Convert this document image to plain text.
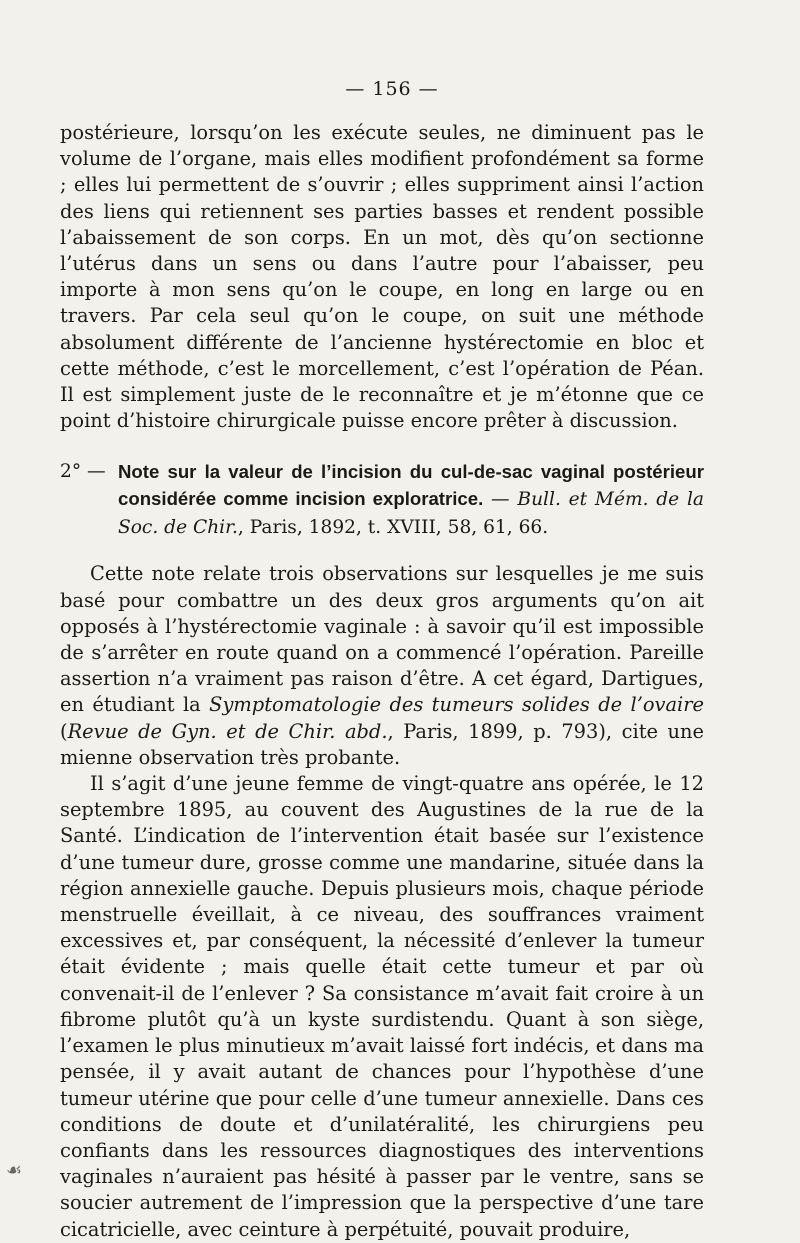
— 156 —

postérieure, lorsqu’on les exécute seules, ne diminuent pas le volume de l’organe, mais elles modifient profondément sa forme ; elles lui permettent de s’ouvrir ; elles suppriment ainsi l’action des liens qui retiennent ses parties basses et rendent possible l’abaissement de son corps. En un mot, dès qu’on sectionne l’utérus dans un sens ou dans l’autre pour l’abaisser, peu importe à mon sens qu’on le coupe, en long en large ou en travers. Par cela seul qu’on le coupe, on suit une méthode absolument différente de l’ancienne hystérectomie en bloc et cette méthode, c’est le morcellement, c’est l’opération de Péan. Il est simplement juste de le reconnaître et je m’étonne que ce point d’histoire chirurgicale puisse encore prêter à discussion.

2° — Note sur la valeur de l’incision du cul-de-sac vaginal postérieur considérée comme incision exploratrice. — Bull. et Mém. de la Soc. de Chir., Paris, 1892, t. XVIII, 58, 61, 66.

Cette note relate trois observations sur lesquelles je me suis basé pour combattre un des deux gros arguments qu’on ait opposés à l’hystérectomie vaginale : à savoir qu’il est impossible de s’arrêter en route quand on a commencé l’opération. Pareille assertion n’a vraiment pas raison d’être. A cet égard, Dartigues, en étudiant la Symptomatologie des tumeurs solides de l’ovaire (Revue de Gyn. et de Chir. abd., Paris, 1899, p. 793), cite une mienne observation très probante.

Il s’agit d’une jeune femme de vingt-quatre ans opérée, le 12 septembre 1895, au couvent des Augustines de la rue de la Santé. L’indication de l’intervention était basée sur l’existence d’une tumeur dure, grosse comme une mandarine, située dans la région annexielle gauche. Depuis plusieurs mois, chaque période menstruelle éveillait, à ce niveau, des souffrances vraiment excessives et, par conséquent, la nécessité d’enlever la tumeur était évidente ; mais quelle était cette tumeur et par où convenait-il de l’enlever ? Sa consistance m’avait fait croire à un fibrome plutôt qu’à un kyste surdistendu. Quant à son siège, l’examen le plus minutieux m’avait laissé fort indécis, et dans ma pensée, il y avait autant de chances pour l’hypothèse d’une tumeur utérine que pour celle d’une tumeur annexielle. Dans ces conditions de doute et d’unilatéralité, les chirurgiens peu confiants dans les ressources diagnostiques des interventions vaginales n’auraient pas hésité à passer par le ventre, sans se soucier autrement de l’impression que la perspective d’une tare cicatricielle, avec ceinture à perpétuité, pouvait produire,

☙
